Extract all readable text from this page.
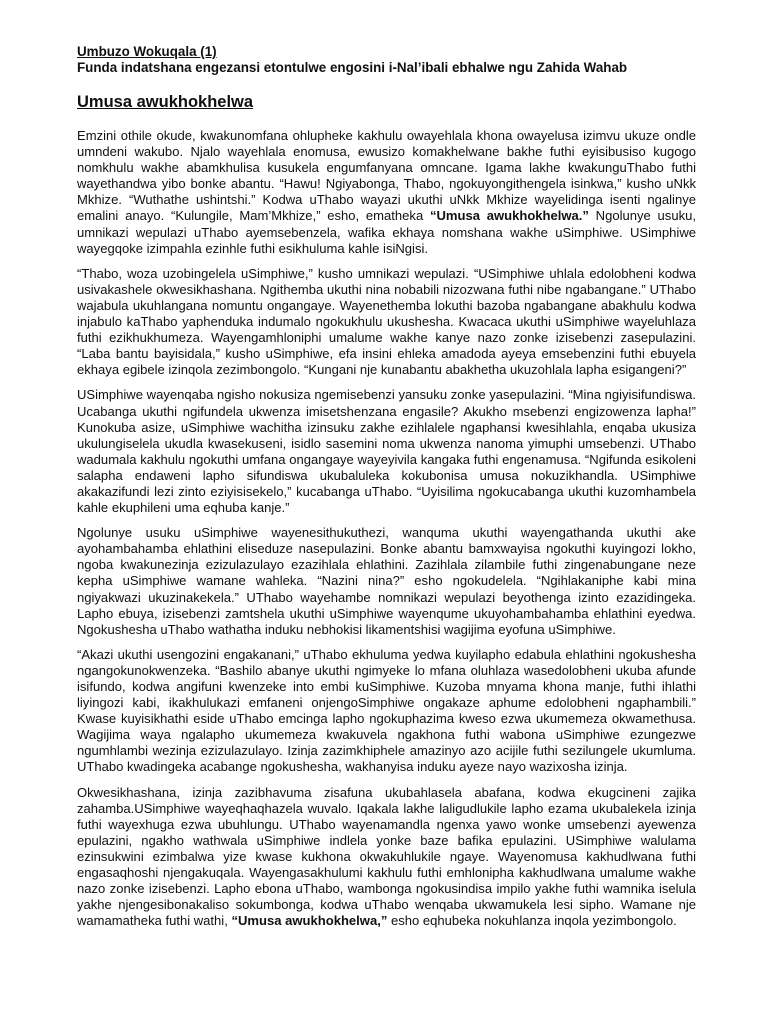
Umbuzo Wokuqala (1)
Funda indatshana engezansi etontulwe engosini i-Nal’ibali ebhalwe ngu Zahida Wahab
Umusa awukhokhelwa

Emzini othile okude, kwakunomfana ohlupheke kakhulu owayehlala khona owayelusa izimvu ukuze ondle umndeni wakubo. Njalo wayehlala enomusa, ewusizo komakhelwane bakhe futhi eyisibusiso kugogo nomkhulu wakhe abamkhulisa kusukela engumfanyana omncane. Igama lakhe kwakunguThabo futhi wayethandwa yibo bonke abantu. “Hawu! Ngiyabonga, Thabo, ngokuyongithengela isinkwa,” kusho uNkk Mkhize. “Wuthathe ushintshi.” Kodwa uThabo wayazi ukuthi uNkk Mkhize wayelidinga isenti ngalinye emalini anayo. “Kulungile, Mam’Mkhize,” esho, ematheka “Umusa awukhokhelwa.” Ngolunye usuku, umnikazi wepulazi uThabo ayemsebenzela, wafika ekhaya nomshana wakhe uSimphiwe. USimphiwe wayegqoke izimpahla ezinhle futhi esikhuluma kahle isiNgisi.

“Thabo, woza uzobingelela uSimphiwe,” kusho umnikazi wepulazi. “USimphiwe uhlala edolobheni kodwa usivakashele okwesikhashana. Ngithemba ukuthi nina nobabili nizozwana futhi nibe ngabangane.” UThabo wajabula ukuhlangana nomuntu ongangaye. Wayenethemba lokuthi bazoba ngabangane abakhulu kodwa injabulo kaThabo yaphenduka indumalo ngokukhulu ukushesha. Kwacaca ukuthi uSimphiwe wayeluhlaza futhi ezikhukhumeza. Wayengamhloniphi umalume wakhe kanye nazo zonke izisebenzi zasepulazini. “Laba bantu bayisidala,” kusho uSimphiwe, efa insini ehleka amadoda ayeya emsebenzini futhi ebuyela ekhaya egibele izinqola zezimbongolo. “Kungani nje kunabantu abakhetha ukuzohlala lapha esigangeni?”

USimphiwe wayenqaba ngisho nokusiza ngemisebenzi yansuku zonke yasepulazini. “Mina ngiyisifundiswa. Ucabanga ukuthi ngifundela ukwenza imisetshenzana engasile? Akukho msebenzi engizowenza lapha!” Kunokuba asize, uSimphiwe wachitha izinsuku zakhe ezihlalele ngaphansi kwesihlahla, enqaba ukusiza ukulungiselela ukudla kwasekuseni, isidlo sasemini noma ukwenza nanoma yimuphi umsebenzi. UThabo wadumala kakhulu ngokuthi umfana ongangaye wayeyivila kangaka futhi engenamusa. “Ngifunda esikoleni salapha endaweni lapho sifundiswa ukubaluleka kokubonisa umusa nokuzikhandla. USimphiwe akakazifundi lezi zinto eziyisisekelo,” kucabanga uThabo. “Uyisilima ngokucabanga ukuthi kuzomhambela kahle ekuphileni uma eqhuba kanje.”

Ngolunye usuku uSimphiwe wayenesithukuthezi, wanquma ukuthi wayengathanda ukuthi ake ayohambahamba ehlathini eliseduze nasepulazini. Bonke abantu bamxwayisa ngokuthi kuyingozi lokho, ngoba kwakunezinja ezizulazulayo ezazihlala ehlathini. Zazihlala zilambile futhi zingenabungane neze kepha uSimphiwe wamane wahleka. “Nazini nina?” esho ngokudelela. “Ngihlakaniphe kabi mina ngiyakwazi ukuzinakekela.” UThabo wayehambe nomnikazi wepulazi beyothenga izinto ezazidingeka. Lapho ebuya, izisebenzi zamtshela ukuthi uSimphiwe wayenqume ukuyohambahamba ehlathini eyedwa. Ngokushesha uThabo wathatha induku nebhokisi likamentshisi wagijima eyofuna uSimphiwe.

“Akazi ukuthi usengozini engakanani,” uThabo ekhuluma yedwa kuyilapho edabula ehlathini ngokushesha ngangokunokwenzeka. “Bashilo abanye ukuthi ngimyeke lo mfana oluhlaza wasedolobheni ukuba afunde isifundo, kodwa angifuni kwenzeke into embi kuSimphiwe. Kuzoba mnyama khona manje, futhi ihlathi liyingozi kabi, ikakhulukazi emfaneni onjengoSimphiwe ongakaze aphume edolobheni ngaphambili.” Kwase kuyisikhathi eside uThabo emcinga lapho ngokuphazima kweso ezwa ukumemeza okwamethusa. Wagijima waya ngalapho ukumemeza kwakuvela ngakhona futhi wabona uSimphiwe ezungezwe ngumhlambi wezinja ezizulazulayo. Izinja zazimkhiphele amazinyo azo acijile futhi sezilungele ukumluma. UThabo kwadingeka acabange ngokushesha, wakhanyisa induku ayeze nayo wazixosha izinja.

Okwesikhashana, izinja zazibhavuma zisafuna ukubahlasela abafana, kodwa ekugcineni zajika zahamba.USimphiwe wayeqhaqhazela wuvalo. Iqakala lakhe laligudlukile lapho ezama ukubalekela izinja futhi wayexhuga ezwa ubuhlungu. UThabo wayenamandla ngenxa yawo wonke umsebenzi ayewenza epulazini, ngakho wathwala uSimphiwe indlela yonke baze bafika epulazini. USimphiwe walulama ezinsukwini ezimbalwa yize kwase kukhona okwakuhlukile ngaye. Wayenomusa kakhudlwana futhi engasaqhoshi njengakuqala. Wayengasakhulumi kakhulu futhi emhlonipha kakhudlwana umalume wakhe nazo zonke izisebenzi. Lapho ebona uThabo, wambonga ngokusindisa impilo yakhe futhi wamnika iselula yakhe njengesibonakaliso sokumbonga, kodwa uThabo wenqaba ukwamukela lesi sipho. Wamane nje wamamatheka futhi wathi, “Umusa awukhokhelwa,” esho eqhubeka nokuhlanza inqola yezimbongolo.
